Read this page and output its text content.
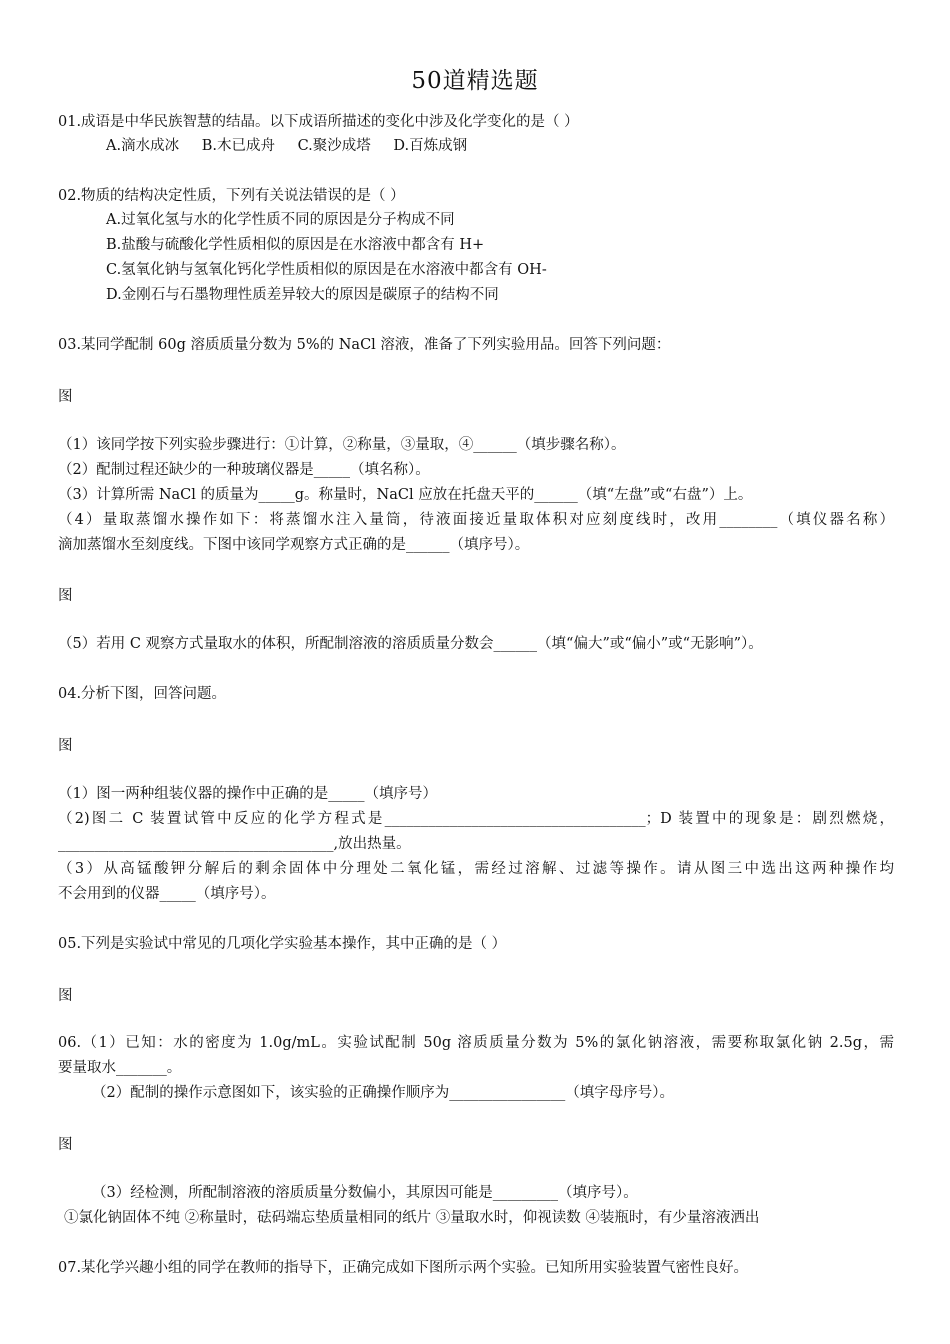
50道精选题
01.成语是中华民族智慧的结晶。以下成语所描述的变化中涉及化学变化的是（ ）
A.滴水成冰 B.木已成舟 C.聚沙成塔 D.百炼成钢
02.物质的结构决定性质，下列有关说法错误的是（ ）
A.过氧化氢与水的化学性质不同的原因是分子构成不同
B.盐酸与硫酸化学性质相似的原因是在水溶液中都含有 H+
C.氢氧化钠与氢氧化钙化学性质相似的原因是在水溶液中都含有 OH-
D.金刚石与石墨物理性质差异较大的原因是碳原子的结构不同
03.某同学配制 60g 溶质质量分数为 5%的 NaCl 溶液，准备了下列实验用品。回答下列问题：
图
（1）该同学按下列实验步骤进行：①计算，②称量，③量取，④______（填步骤名称）。
（2）配制过程还缺少的一种玻璃仪器是_____（填名称）。
（3）计算所需 NaCl 的质量为_____g。称量时，NaCl 应放在托盘天平的______（填“左盘”或“右盘”）上。
（4）量取蒸馏水操作如下：将蒸馏水注入量筒，待液面接近量取体积对应刻度线时，改用________（填仪器名称）
滴加蒸馏水至刻度线。下图中该同学观察方式正确的是______（填序号）。
图
（5）若用 C 观察方式量取水的体积，所配制溶液的溶质质量分数会______（填“偏大”或“偏小”或“无影响”）。
04.分析下图，回答问题。
图
（1）图一两种组装仪器的操作中正确的是_____（填序号）
（2)图二 C 装置试管中反应的化学方程式是____________________________________；D 装置中的现象是：剧烈燃烧，
______________________________________,放出热量。
（3）从高锰酸钾分解后的剩余固体中分理处二氧化锰，需经过溶解、过滤等操作。请从图三中选出这两种操作均
不会用到的仪器_____（填序号）。
05.下列是实验试中常见的几项化学实验基本操作，其中正确的是（ ）
图
06.（1）已知：水的密度为 1.0g/mL。实验试配制 50g 溶质质量分数为 5%的氯化钠溶液，需要称取氯化钠 2.5g，需
要量取水_______。
（2）配制的操作示意图如下，该实验的正确操作顺序为________________（填字母序号）。
图
（3）经检测，所配制溶液的溶质质量分数偏小，其原因可能是_________（填序号）。
①氯化钠固体不纯 ②称量时，砝码端忘垫质量相同的纸片 ③量取水时，仰视读数 ④装瓶时，有少量溶液洒出
07.某化学兴趣小组的同学在教师的指导下，正确完成如下图所示两个实验。已知所用实验装置气密性良好。
